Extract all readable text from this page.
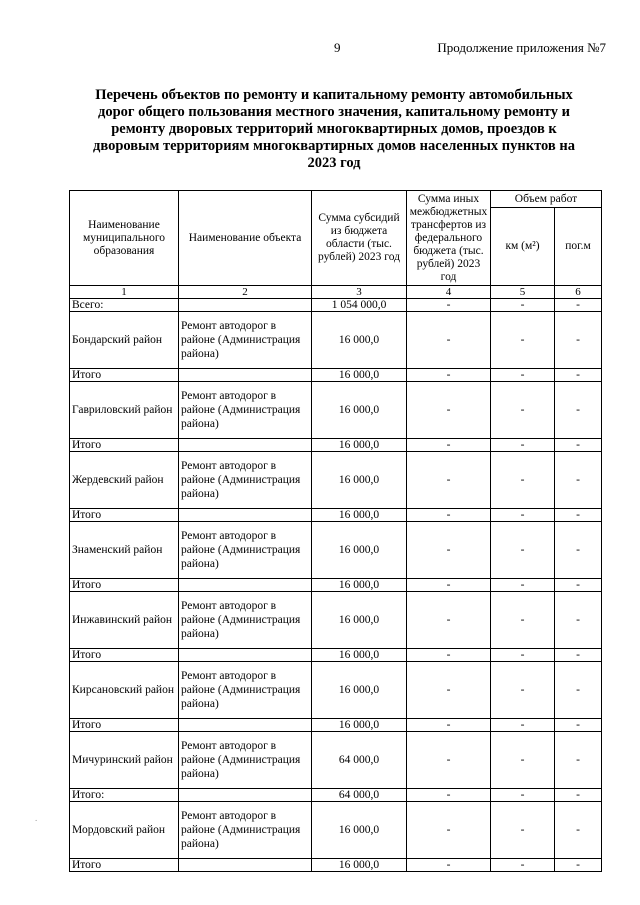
9	Продолжение приложения №7
Перечень объектов по ремонту и капитальному ремонту автомобильных дорог общего пользования местного значения, капитальному ремонту и ремонту дворовых территорий многоквартирных домов, проездов к дворовым территориям многоквартирных домов населенных пунктов на 2023 год
Наименование муниципального образования	Наименование объекта	Сумма субсидий из бюджета области (тыс. рублей) 2023 год	Сумма иных межбюджетных трансфертов из федерального бюджета (тыс. рублей) 2023 год	Объем работ	
				км (м²)	пог.м
1	2	3	4	5	6
Всего:		1 054 000,0	-	-	-
Бондарский район	Ремонт автодорог в районе (Администрация района)	16 000,0	-	-	-
Итого		16 000,0	-	-	-
Гавриловский район	Ремонт автодорог в районе (Администрация района)	16 000,0	-	-	-
Итого		16 000,0	-	-	-
Жердевский район	Ремонт автодорог в районе (Администрация района)	16 000,0	-	-	-
Итого		16 000,0	-	-	-
Знаменский район	Ремонт автодорог в районе (Администрация района)	16 000,0	-	-	-
Итого		16 000,0	-	-	-
Инжавинский район	Ремонт автодорог в районе (Администрация района)	16 000,0	-	-	-
Итого		16 000,0	-	-	-
Кирсановский район	Ремонт автодорог в районе (Администрация района)	16 000,0	-	-	-
Итого		16 000,0	-	-	-
Мичуринский район	Ремонт автодорог в районе (Администрация района)	64 000,0	-	-	-
Итого:		64 000,0	-	-	-
Мордовский район	Ремонт автодорог в районе (Администрация района)	16 000,0	-	-	-
Итого		16 000,0	-	-	-
.
